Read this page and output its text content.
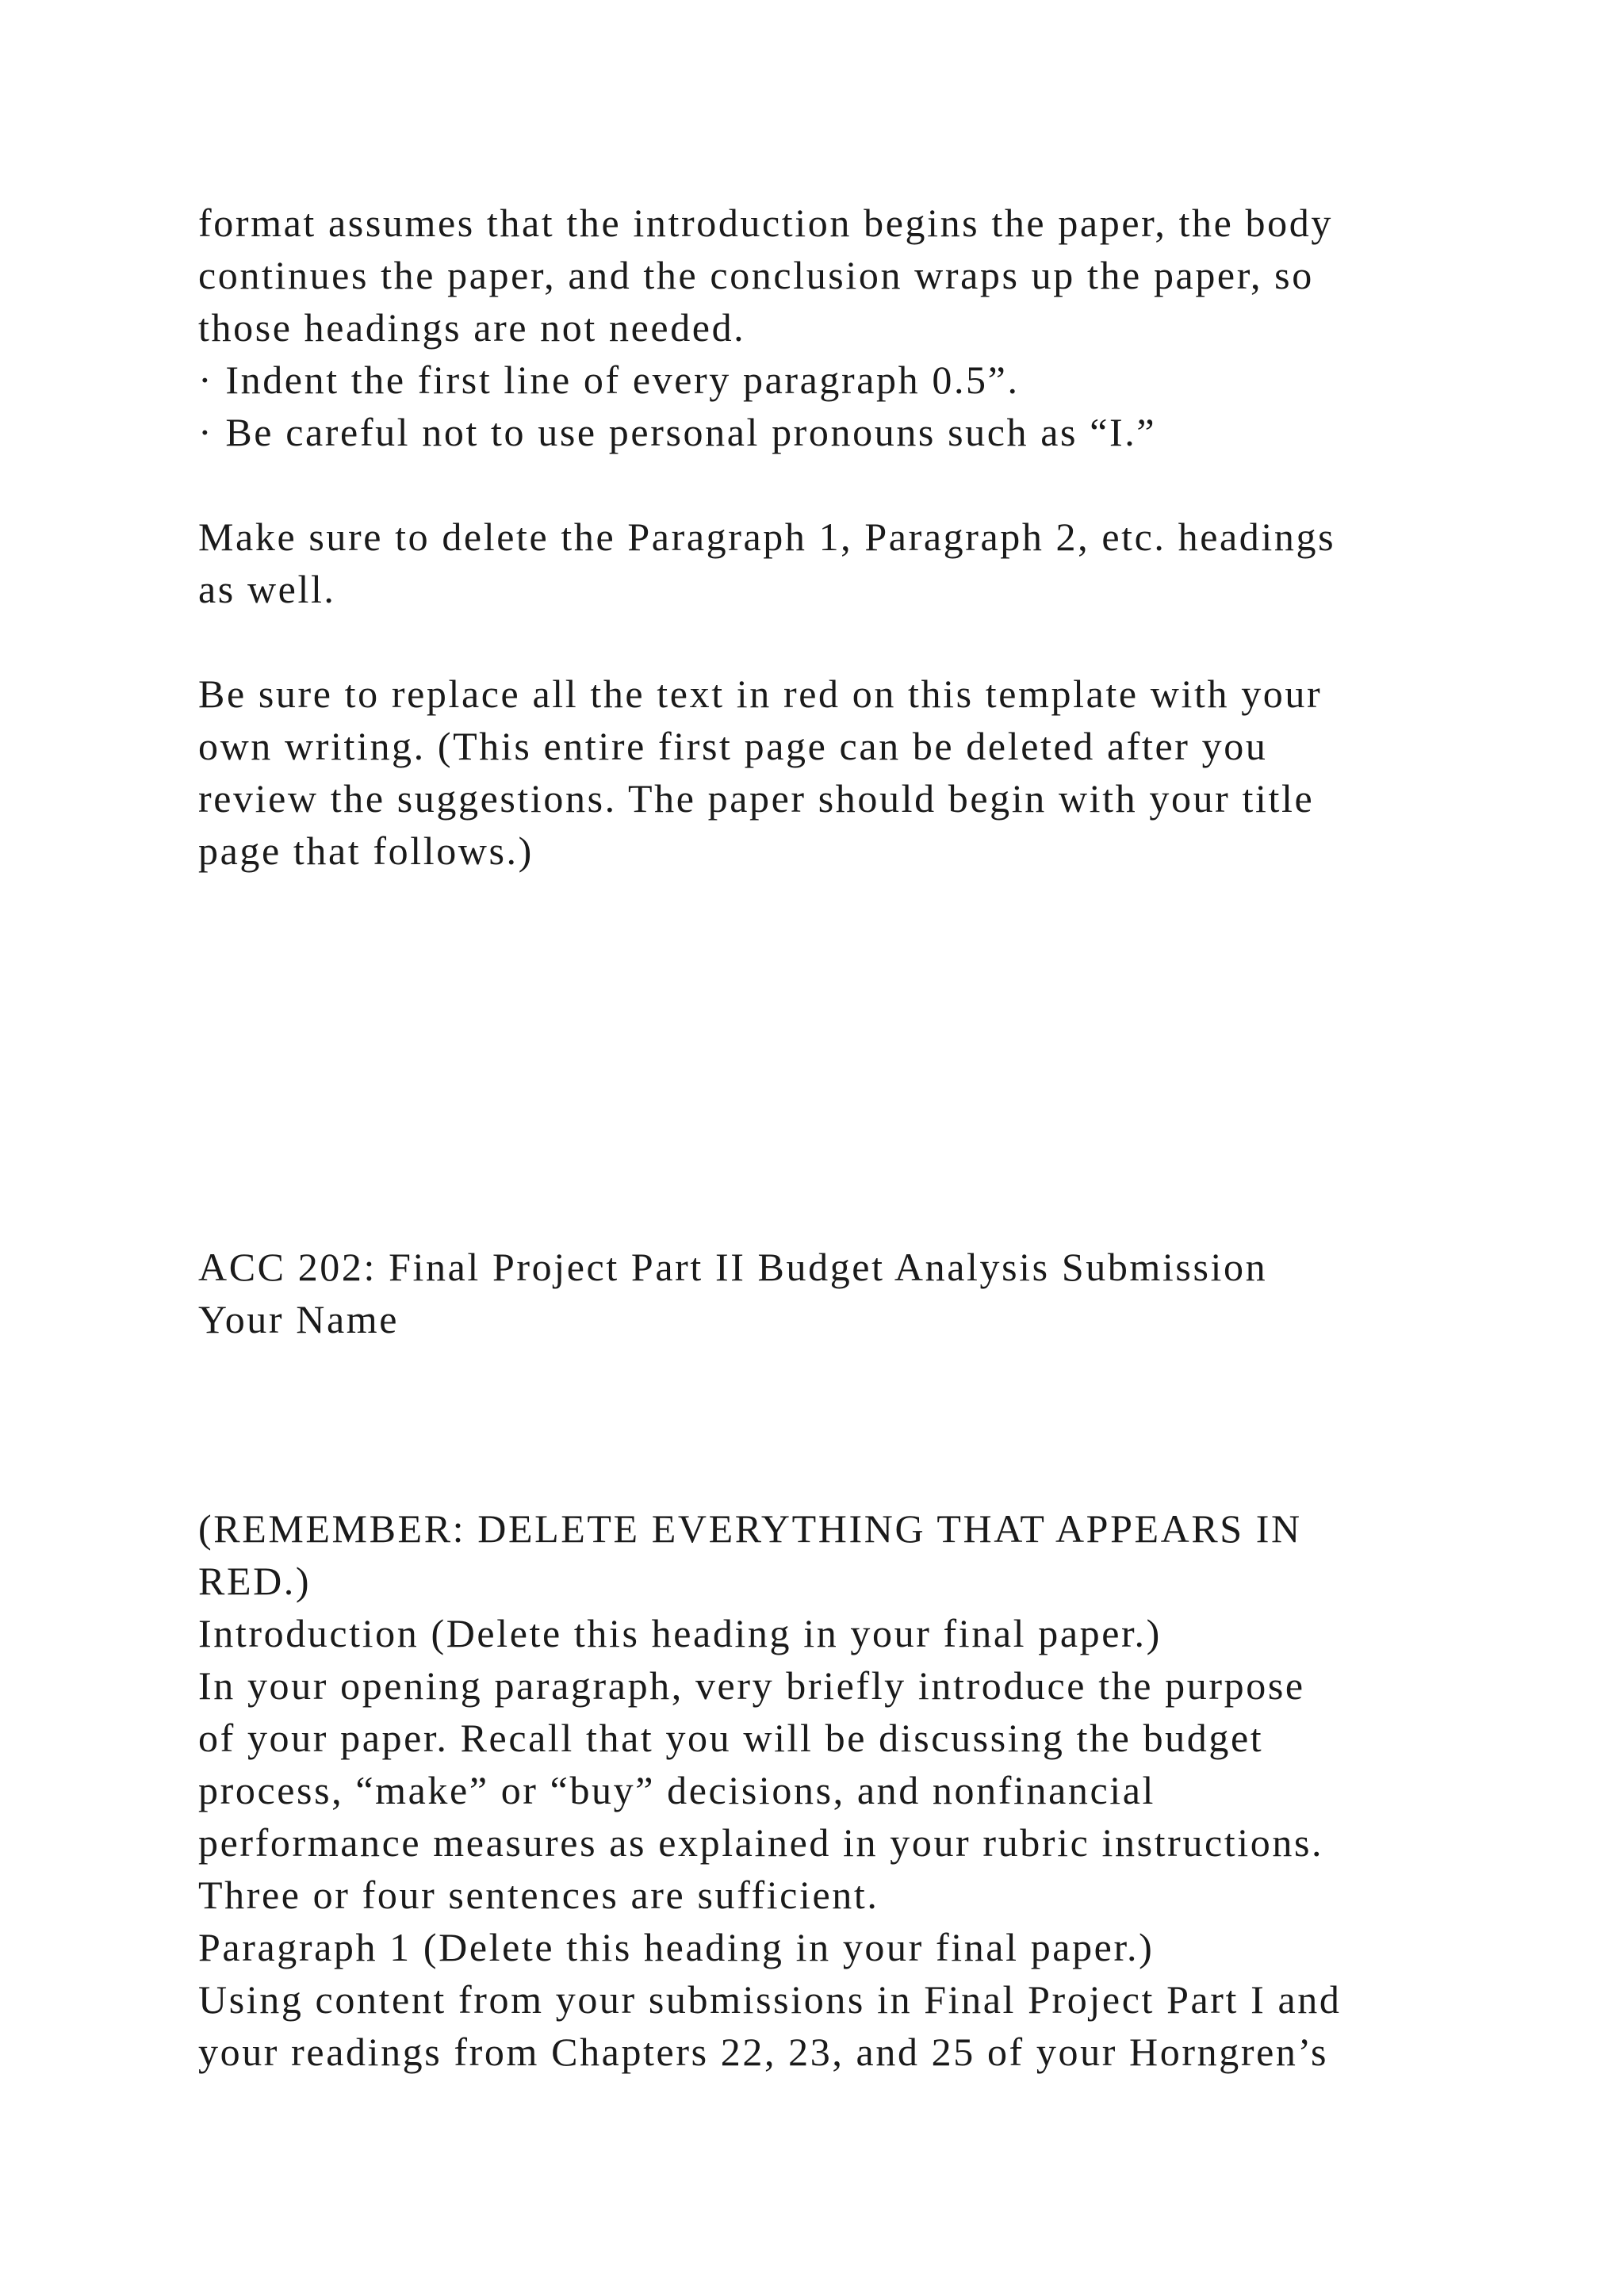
format assumes that the introduction begins the paper, the body

continues the paper, and the conclusion wraps up the paper, so

those headings are not needed.

· Indent the first line of every paragraph 0.5”.

· Be careful not to use personal pronouns such as “I.”

Make sure to delete the Paragraph 1, Paragraph 2, etc. headings

as well.

Be sure to replace all the text in red on this template with your

own writing. (This entire first page can be deleted after you

review the suggestions. The paper should begin with your title

page that follows.)

ACC 202: Final Project Part II Budget Analysis Submission

Your Name

(REMEMBER: DELETE EVERYTHING THAT APPEARS IN

RED.)

Introduction (Delete this heading in your final paper.)

In your opening paragraph, very briefly introduce the purpose

of your paper. Recall that you will be discussing the budget

process, “make” or “buy” decisions, and nonfinancial

performance measures as explained in your rubric instructions.

Three or four sentences are sufficient.

Paragraph 1 (Delete this heading in your final paper.)

Using content from your submissions in Final Project Part I and

your readings from Chapters 22, 23, and 25 of your Horngren’s
